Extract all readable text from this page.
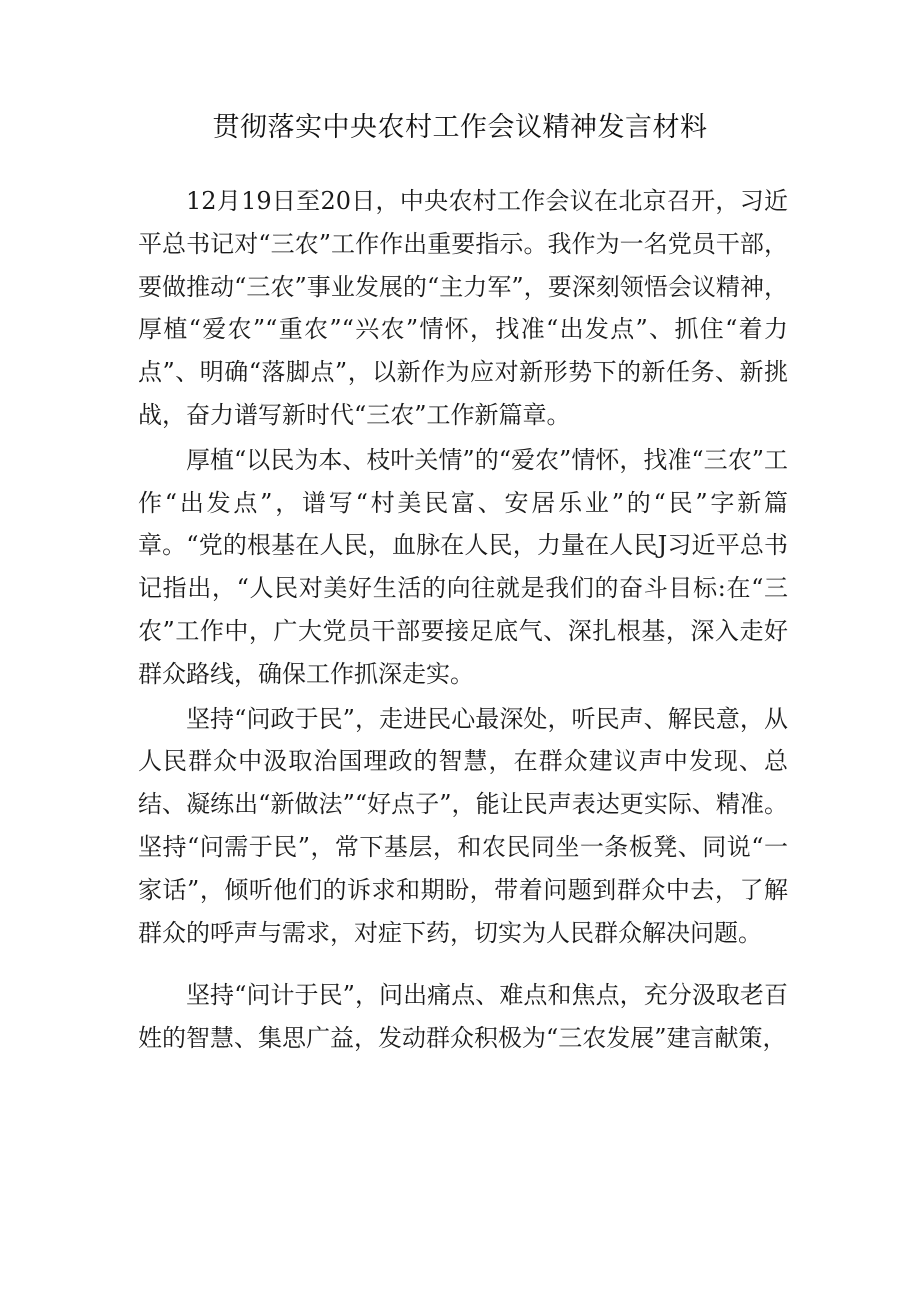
贯彻落实中央农村工作会议精神发言材料

12月19日至20日，中央农村工作会议在北京召开，习近平总书记对“三农”工作作出重要指示。我作为一名党员干部，要做推动“三农”事业发展的“主力军”，要深刻领悟会议精神，厚植“爱农”“重农”“兴农”情怀，找准“出发点”、抓住“着力点”、明确“落脚点”，以新作为应对新形势下的新任务、新挑战，奋力谱写新时代“三农”工作新篇章。

厚植“以民为本、枝叶关情”的“爱农”情怀，找准“三农”工作“出发点”，谱写“村美民富、安居乐业”的“民”字新篇章。“党的根基在人民，血脉在人民，力量在人民J习近平总书记指出，“人民对美好生活的向往就是我们的奋斗目标:在“三农”工作中，广大党员干部要接足底气、深扎根基，深入走好群众路线，确保工作抓深走实。

坚持“问政于民”，走进民心最深处，听民声、解民意，从人民群众中汲取治国理政的智慧，在群众建议声中发现、总结、凝练出“新做法”“好点子”，能让民声表达更实际、精准。坚持“问需于民”，常下基层，和农民同坐一条板凳、同说“一家话”，倾听他们的诉求和期盼，带着问题到群众中去，了解群众的呼声与需求，对症下药，切实为人民群众解决问题。

坚持“问计于民”，问出痛点、难点和焦点，充分汲取老百姓的智慧、集思广益，发动群众积极为“三农发展”建言献策，
